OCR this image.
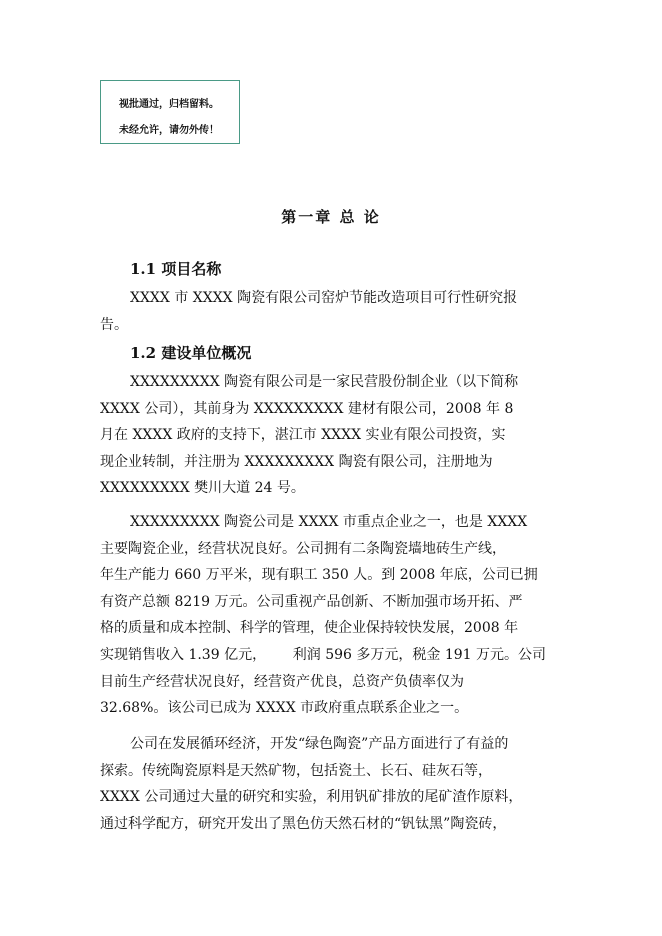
视批通过，归档留料。
未经允许，请勿外传！
第一章 总 论
1.1 项目名称
XXXX 市 XXXX 陶瓷有限公司窑炉节能改造项目可行性研究报
告。
1.2 建设单位概况
XXXXXXXXX 陶瓷有限公司是一家民营股份制企业（以下简称
XXXX 公司），其前身为 XXXXXXXXX 建材有限公司，2008 年 8
月在 XXXX 政府的支持下，湛江市 XXXX 实业有限公司投资，实
现企业转制，并注册为 XXXXXXXXX 陶瓷有限公司，注册地为
XXXXXXXXX 樊川大道 24 号。
XXXXXXXXX 陶瓷公司是 XXXX 市重点企业之一，也是 XXXX
主要陶瓷企业，经营状况良好。公司拥有二条陶瓷墙地砖生产线，
年生产能力 660 万平米，现有职工 350 人。到 2008 年底，公司已拥
有资产总额 8219 万元。公司重视产品创新、不断加强市场开拓、严
格的质量和成本控制、科学的管理，使企业保持较快发展，2008 年
实现销售收入 1.39 亿元，      利润 596 多万元，税金 191 万元。公司
目前生产经营状况良好，经营资产优良，总资产负债率仅为
32.68%。该公司已成为 XXXX 市政府重点联系企业之一。
公司在发展循环经济，开发“绿色陶瓷”产品方面进行了有益的
探索。传统陶瓷原料是天然矿物，包括瓷土、长石、硅灰石等，
XXXX 公司通过大量的研究和实验，利用钒矿排放的尾矿渣作原料，
通过科学配方，研究开发出了黑色仿天然石材的“钒钛黑”陶瓷砖，
